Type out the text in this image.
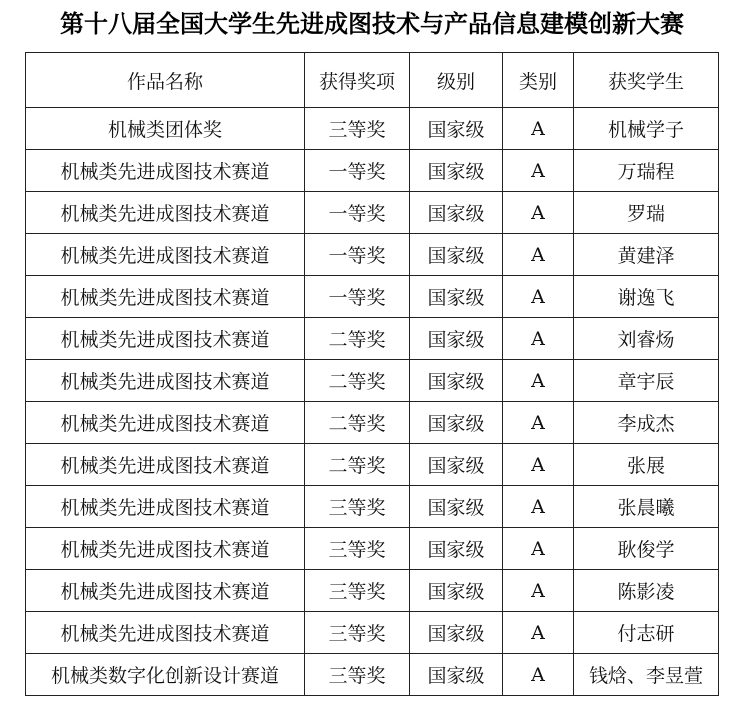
第十八届全国大学生先进成图技术与产品信息建模创新大赛
作品名称	获得奖项	级别	类别	获奖学生
机械类团体奖	三等奖	国家级	A	机械学子
机械类先进成图技术赛道	一等奖	国家级	A	万瑞程
机械类先进成图技术赛道	一等奖	国家级	A	罗瑞
机械类先进成图技术赛道	一等奖	国家级	A	黄建泽
机械类先进成图技术赛道	一等奖	国家级	A	谢逸飞
机械类先进成图技术赛道	二等奖	国家级	A	刘睿炀
机械类先进成图技术赛道	二等奖	国家级	A	章宇辰
机械类先进成图技术赛道	二等奖	国家级	A	李成杰
机械类先进成图技术赛道	二等奖	国家级	A	张展
机械类先进成图技术赛道	三等奖	国家级	A	张晨曦
机械类先进成图技术赛道	三等奖	国家级	A	耿俊学
机械类先进成图技术赛道	三等奖	国家级	A	陈影凌
机械类先进成图技术赛道	三等奖	国家级	A	付志研
机械类数字化创新设计赛道	三等奖	国家级	A	钱焓、李昱萱
